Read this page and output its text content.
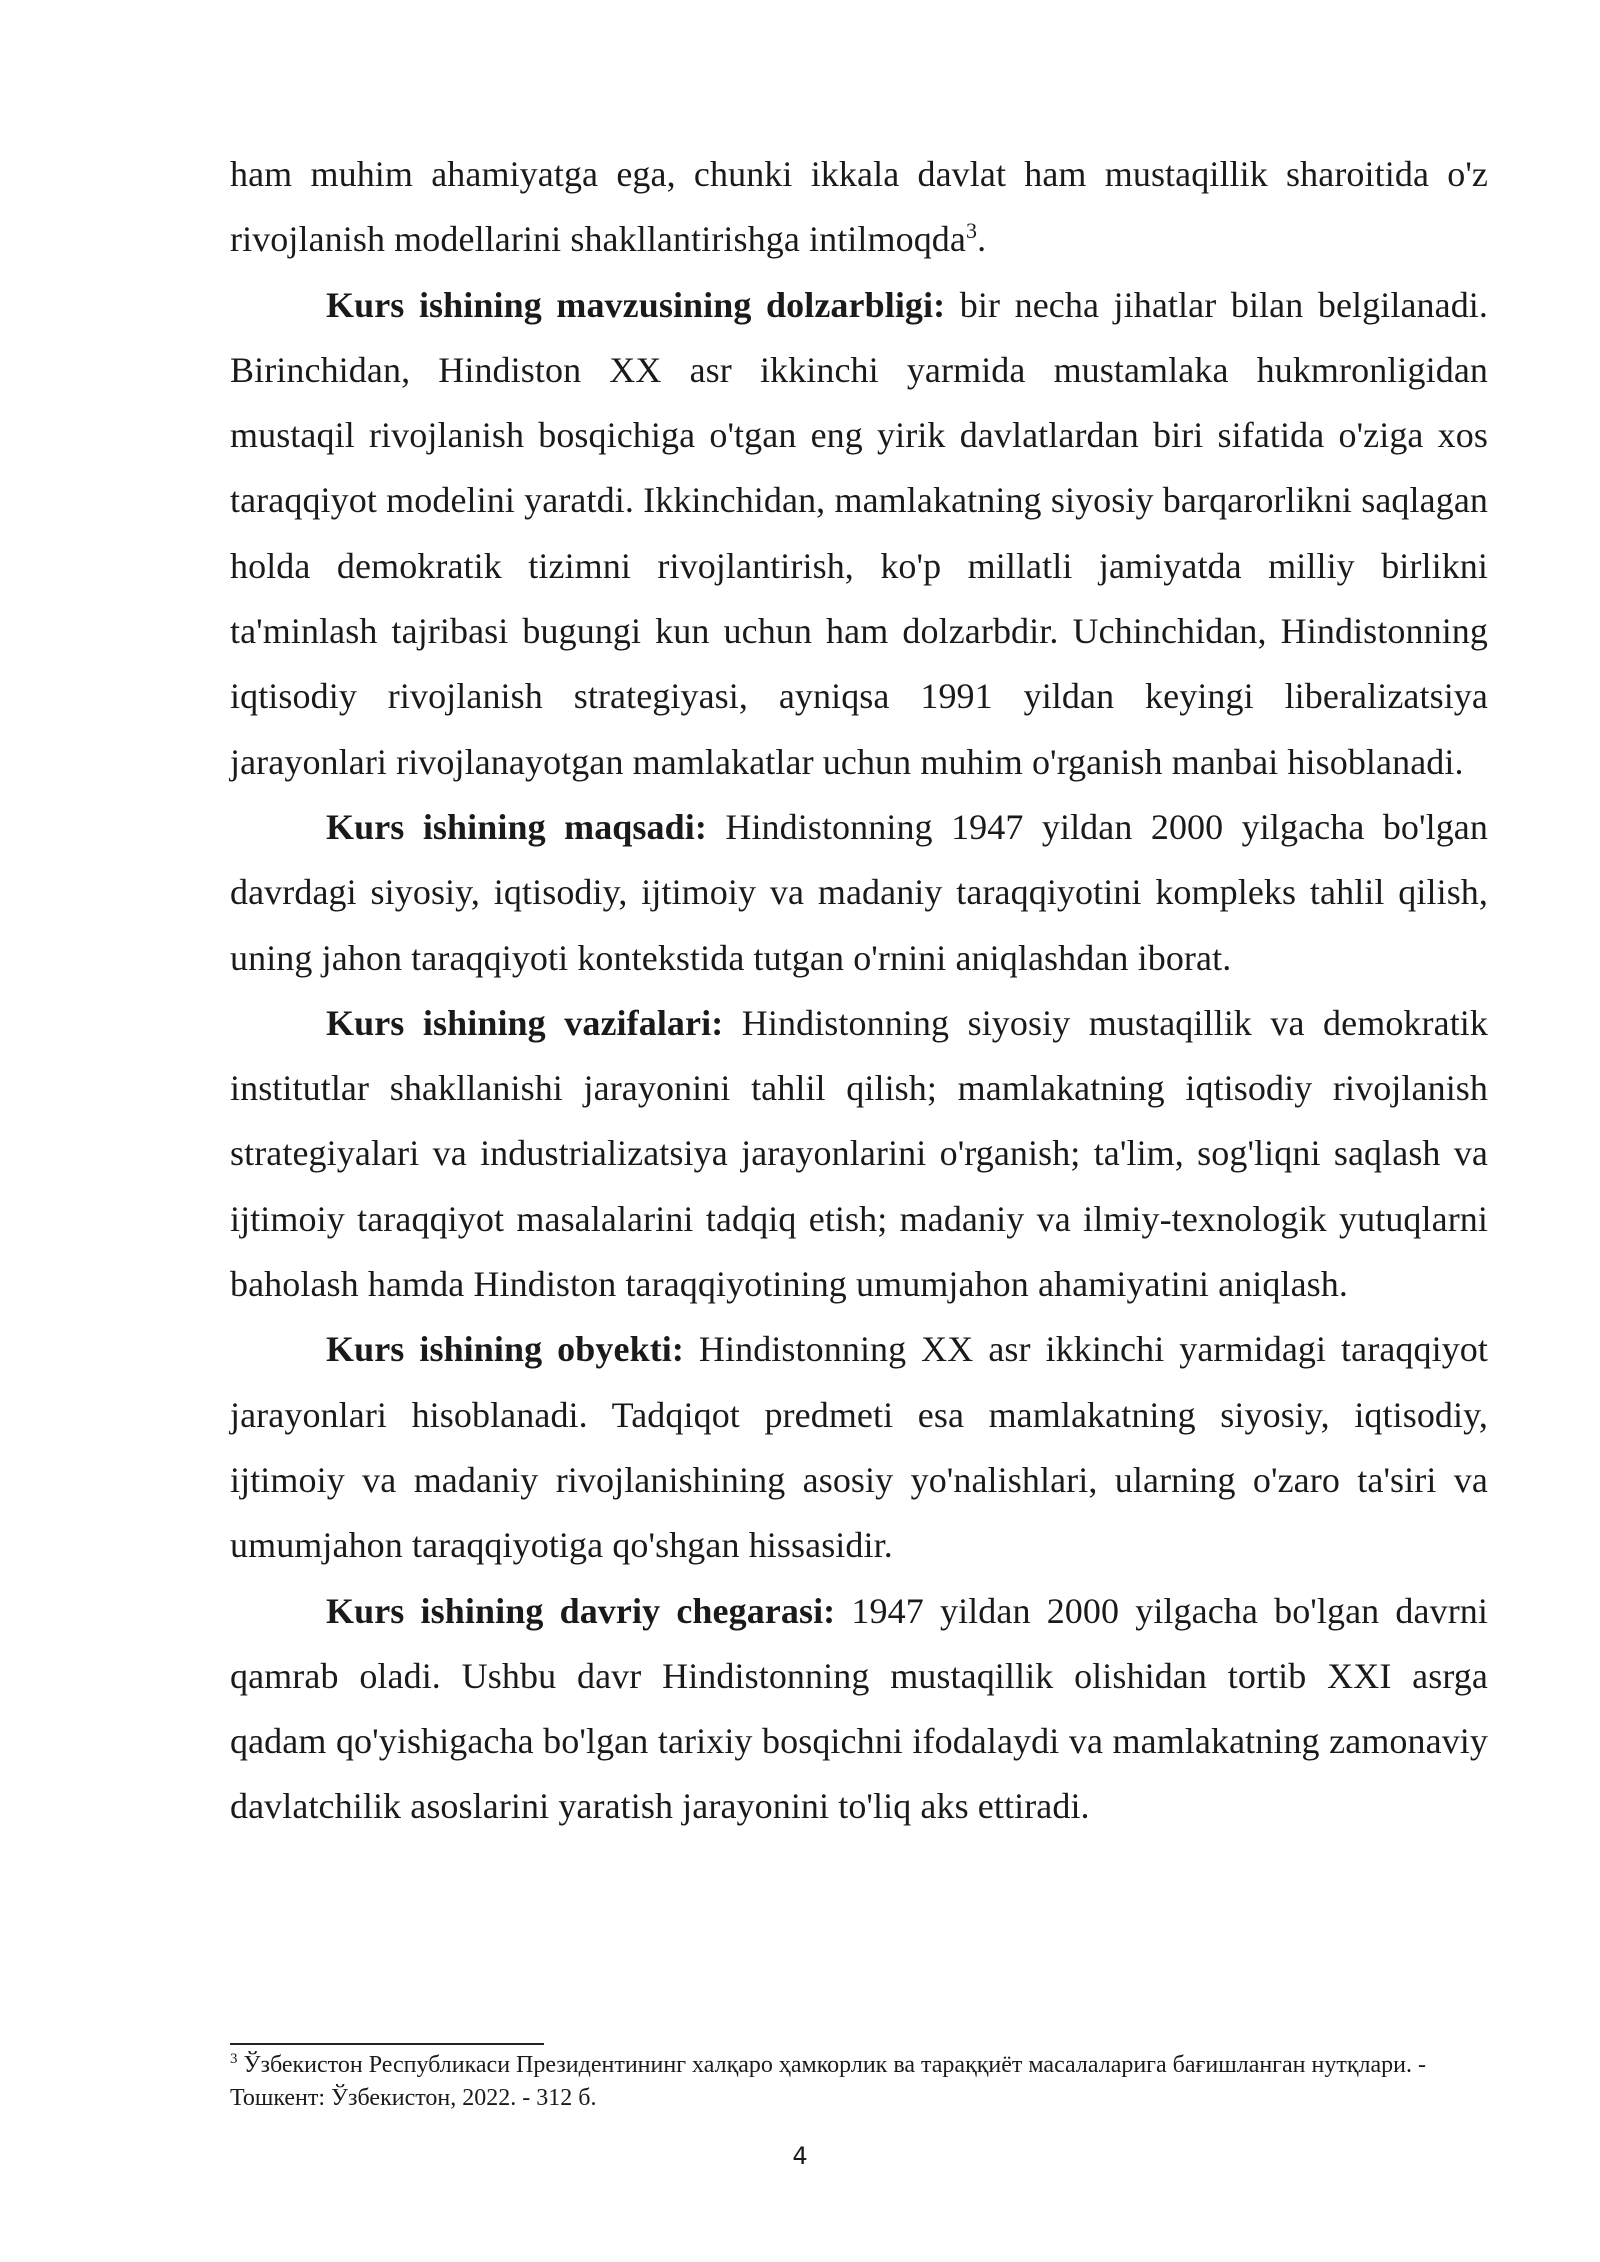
ham muhim ahamiyatga ega, chunki ikkala davlat ham mustaqillik sharoitida o'z rivojlanish modellarini shakllantirishga intilmoqda$^3$.

Kurs ishining mavzusining dolzarbligi: bir necha jihatlar bilan belgilanadi. Birinchidan, Hindiston XX asr ikkinchi yarmida mustamlaka hukmronligidan mustaqil rivojlanish bosqichiga o'tgan eng yirik davlatlardan biri sifatida o'ziga xos taraqqiyot modelini yaratdi. Ikkinchidan, mamlakatning siyosiy barqarorlikni saqlagan holda demokratik tizimni rivojlantirish, ko'p millatli jamiyatda milliy birlikni ta'minlash tajribasi bugungi kun uchun ham dolzarbdir. Uchinchidan, Hindistonning iqtisodiy rivojlanish strategiyasi, ayniqsa 1991 yildan keyingi liberalizatsiya jarayonlari rivojlanayotgan mamlakatlar uchun muhim o'rganish manbai hisoblanadi.

Kurs ishining maqsadi: Hindistonning 1947 yildan 2000 yilgacha bo'lgan davrdagi siyosiy, iqtisodiy, ijtimoiy va madaniy taraqqiyotini kompleks tahlil qilish, uning jahon taraqqiyoti kontekstida tutgan o'rnini aniqlashdan iborat.

Kurs ishining vazifalari: Hindistonning siyosiy mustaqillik va demokratik institutlar shakllanishi jarayonini tahlil qilish; mamlakatning iqtisodiy rivojlanish strategiyalari va industrializatsiya jarayonlarini o'rganish; ta'lim, sog'liqni saqlash va ijtimoiy taraqqiyot masalalarini tadqiq etish; madaniy va ilmiy-texnologik yutuqlarni baholash hamda Hindiston taraqqiyotining umumjahon ahamiyatini aniqlash.

Kurs ishining obyekti: Hindistonning XX asr ikkinchi yarmidagi taraqqiyot jarayonlari hisoblanadi. Tadqiqot predmeti esa mamlakatning siyosiy, iqtisodiy, ijtimoiy va madaniy rivojlanishining asosiy yo'nalishlari, ularning o'zaro ta'siri va umumjahon taraqqiyotiga qo'shgan hissasidir.

Kurs ishining davriy chegarasi: 1947 yildan 2000 yilgacha bo'lgan davrni qamrab oladi. Ushbu davr Hindistonning mustaqillik olishidan tortib XXI asrga qadam qo'yishigacha bo'lgan tarixiy bosqichni ifodalaydi va mamlakatning zamonaviy davlatchilik asoslarini yaratish jarayonini to'liq aks ettiradi.

$^3$ Ўзбекистон Республикаси Президентининг халқаро ҳамкорлик ва тараққиёт масалаларига бағишланган нутқлари. - Тошкент: Ўзбекистон, 2022. - 312 б.
4
